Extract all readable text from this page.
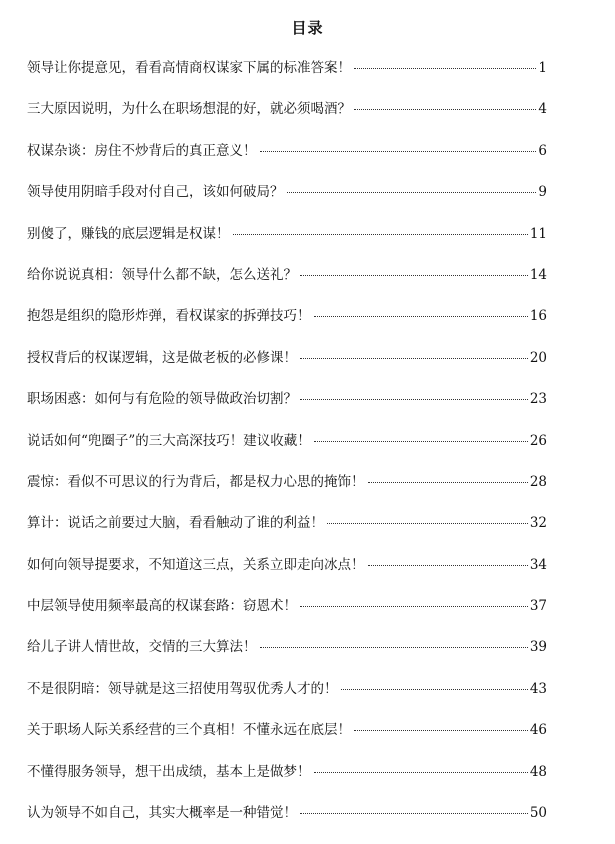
目录
领导让你提意见，看看高情商权谋家下属的标准答案！	1
三大原因说明，为什么在职场想混的好，就必须喝酒？	4
权谋杂谈：房住不炒背后的真正意义！	6
领导使用阴暗手段对付自己，该如何破局？	9
别傻了，赚钱的底层逻辑是权谋！	11
给你说说真相：领导什么都不缺，怎么送礼？	14
抱怨是组织的隐形炸弹，看权谋家的拆弹技巧！	16
授权背后的权谋逻辑，这是做老板的必修课！	20
职场困惑：如何与有危险的领导做政治切割？	23
说话如何“兜圈子”的三大高深技巧！建议收藏！	26
震惊：看似不可思议的行为背后，都是权力心思的掩饰！	28
算计：说话之前要过大脑，看看触动了谁的利益！	32
如何向领导提要求，不知道这三点，关系立即走向冰点！	34
中层领导使用频率最高的权谋套路：窃恩术！	37
给儿子讲人情世故，交情的三大算法！	39
不是很阴暗：领导就是这三招使用驾驭优秀人才的！	43
关于职场人际关系经营的三个真相！不懂永远在底层！	46
不懂得服务领导，想干出成绩，基本上是做梦！	48
认为领导不如自己，其实大概率是一种错觉！	50
